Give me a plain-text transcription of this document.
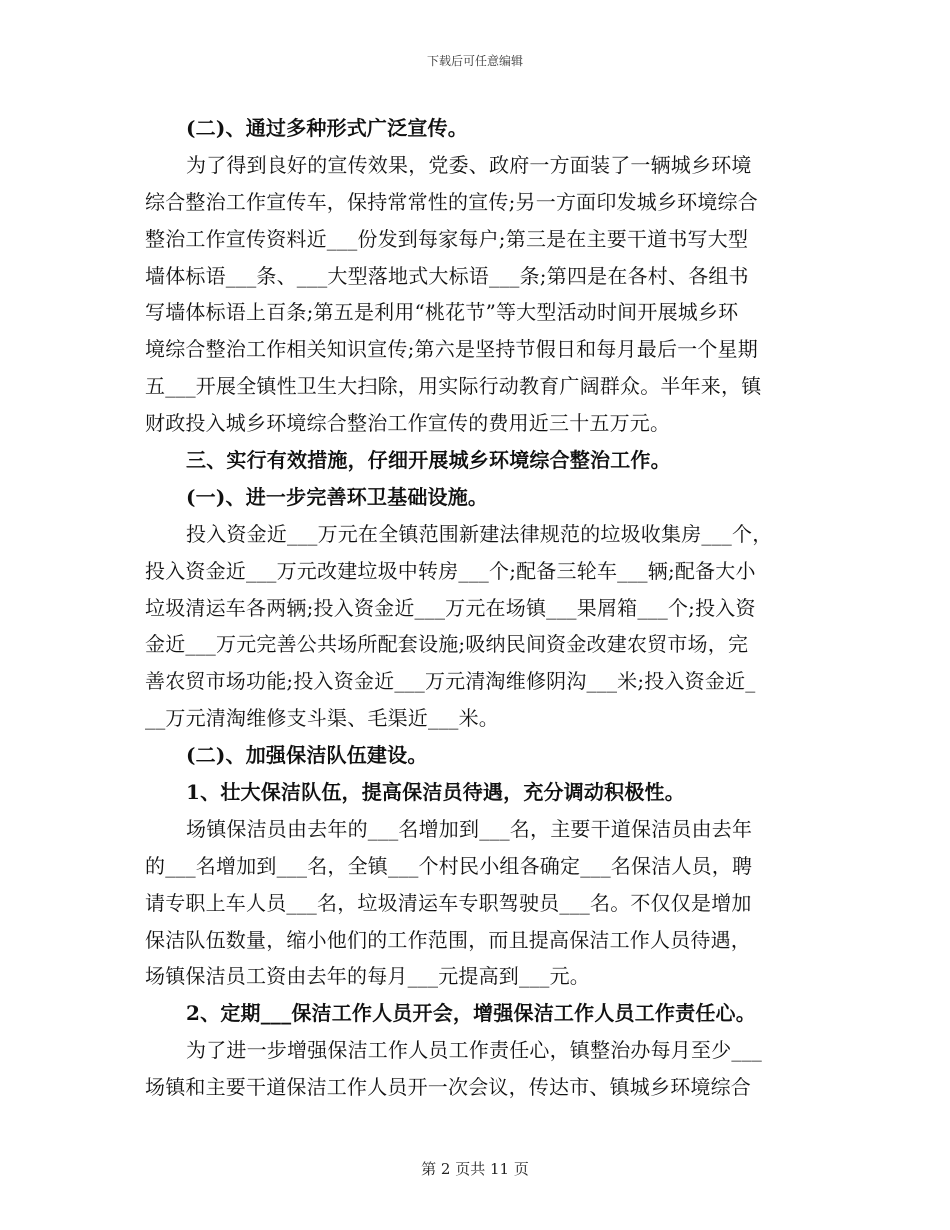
下载后可任意编辑
(二)、通过多种形式广泛宣传。
为了得到良好的宣传效果，党委、政府一方面装了一辆城乡环境
综合整治工作宣传车，保持常常性的宣传;另一方面印发城乡环境综合
整治工作宣传资料近___份发到每家每户;第三是在主要干道书写大型
墙体标语___条、___大型落地式大标语___条;第四是在各村、各组书
写墙体标语上百条;第五是利用“桃花节”等大型活动时间开展城乡环
境综合整治工作相关知识宣传;第六是坚持节假日和每月最后一个星期
五___开展全镇性卫生大扫除，用实际行动教育广阔群众。半年来，镇
财政投入城乡环境综合整治工作宣传的费用近三十五万元。
三、实行有效措施，仔细开展城乡环境综合整治工作。
(一)、进一步完善环卫基础设施。
投入资金近___万元在全镇范围新建法律规范的垃圾收集房___个，
投入资金近___万元改建垃圾中转房___个;配备三轮车___辆;配备大小
垃圾清运车各两辆;投入资金近___万元在场镇___果屑箱___个;投入资
金近___万元完善公共场所配套设施;吸纳民间资金改建农贸市场，完
善农贸市场功能;投入资金近___万元清淘维修阴沟___米;投入资金近_
__万元清淘维修支斗渠、毛渠近___米。
(二)、加强保洁队伍建设。
1、壮大保洁队伍，提高保洁员待遇，充分调动积极性。
场镇保洁员由去年的___名增加到___名，主要干道保洁员由去年
的___名增加到___名，全镇___个村民小组各确定___名保洁人员，聘
请专职上车人员___名，垃圾清运车专职驾驶员___名。不仅仅是增加
保洁队伍数量，缩小他们的工作范围，而且提高保洁工作人员待遇，
场镇保洁员工资由去年的每月___元提高到___元。
2、定期___保洁工作人员开会，增强保洁工作人员工作责任心。
为了进一步增强保洁工作人员工作责任心，镇整治办每月至少___
场镇和主要干道保洁工作人员开一次会议，传达市、镇城乡环境综合
第 2 页共 11 页
